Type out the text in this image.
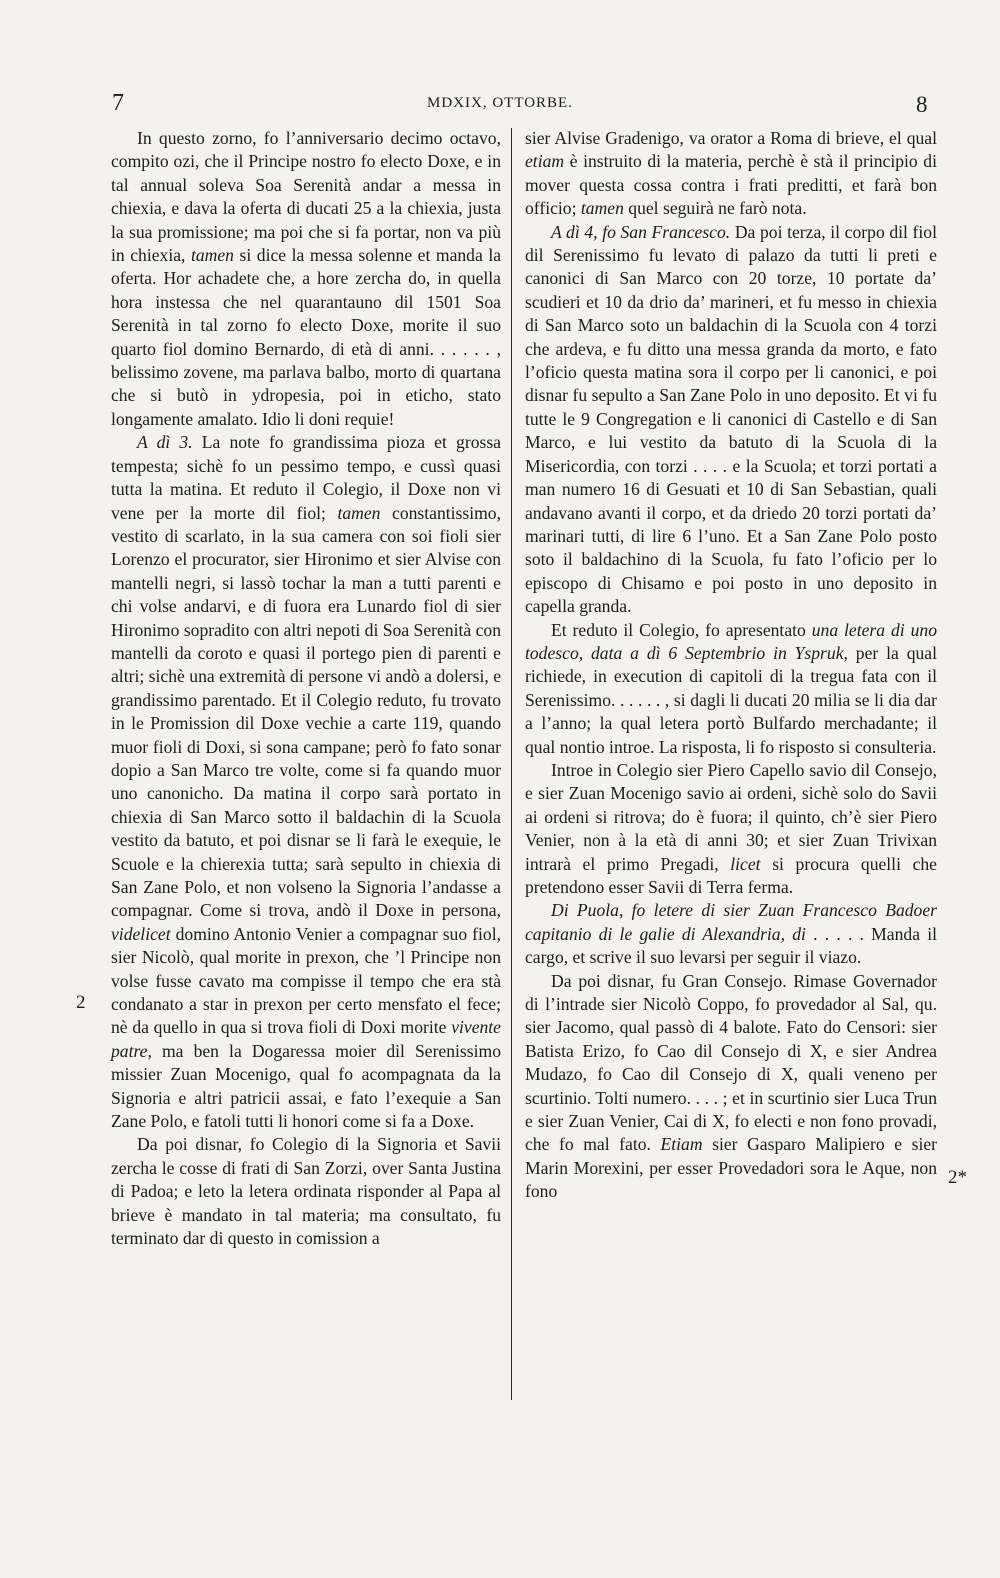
7	MDXIX, OTTORBE.	8
2
2*

In questo zorno, fo l’anniversario decimo octavo, compito ozi, che il Principe nostro fo electo Doxe, e in tal annual soleva Soa Serenità andar a messa in chiexia, e dava la oferta di ducati 25 a la chiexia, justa la sua promissione; ma poi che si fa portar, non va più in chiexia, tamen si dice la messa solenne et manda la oferta. Hor achadete che, a hore zercha do, in quella hora instessa che nel quarantauno dil 1501 Soa Serenità in tal zorno fo electo Doxe, morite il suo quarto fiol domino Bernardo, di età di anni. . . . . . , belissimo zovene, ma parlava balbo, morto di quartana che si butò in ydropesia, poi in eticho, stato longamente amalato. Idio li doni requie!

A dì 3. La note fo grandissima pioza et grossa tempesta; sichè fo un pessimo tempo, e cussì quasi tutta la matina. Et reduto il Colegio, il Doxe non vi vene per la morte dil fiol; tamen constantissimo, vestito di scarlato, in la sua camera con soi fioli sier Lorenzo el procurator, sier Hironimo et sier Alvise con mantelli negri, si lassò tochar la man a tutti parenti e chi volse andarvi, e di fuora era Lunardo fiol di sier Hironimo sopradito con altri nepoti di Soa Serenità con mantelli da coroto e quasi il portego pien di parenti e altri; sichè una extremità di persone vi andò a dolersi, e grandissimo parentado. Et il Colegio reduto, fu trovato in le Promission dil Doxe vechie a carte 119, quando muor fioli di Doxi, si sona campane; però fo fato sonar dopio a San Marco tre volte, come si fa quando muor uno canonicho. Da matina il corpo sarà portato in chiexia di San Marco sotto il baldachin di la Scuola vestito da batuto, et poi disnar se li farà le exequie, le Scuole e la chierexia tutta; sarà sepulto in chiexia di San Zane Polo, et non volseno la Signoria l’andasse a compagnar. Come si trova, andò il Doxe in persona, videlicet domino Antonio Venier a compagnar suo fiol, sier Nicolò, qual morite in prexon, che ’l Principe non volse fusse cavato ma compisse il tempo che era stà condanato a star in prexon per certo mensfato el fece; nè da quello in qua si trova fioli di Doxi morite vivente patre, ma ben la Dogaressa moier dil Serenissimo missier Zuan Mocenigo, qual fo acompagnata da la Signoria e altri patricii assai, e fato l’exequie a San Zane Polo, e fatoli tutti li honori come si fa a Doxe.

Da poi disnar, fo Colegio di la Signoria et Savii zercha le cosse di frati di San Zorzi, over Santa Justina di Padoa; e leto la letera ordinata risponder al Papa al brieve è mandato in tal materia; ma consultato, fu terminato dar di questo in comission a

sier Alvise Gradenigo, va orator a Roma di brieve, el qual etiam è instruito di la materia, perchè è stà il principio di mover questa cossa contra i frati preditti, et farà bon officio; tamen quel seguirà ne farò nota.

A dì 4, fo San Francesco. Da poi terza, il corpo dil fiol dil Serenissimo fu levato di palazo da tutti li preti e canonici di San Marco con 20 torze, 10 portate da’ scudieri et 10 da drio da’ marineri, et fu messo in chiexia di San Marco soto un baldachin di la Scuola con 4 torzi che ardeva, e fu ditto una messa granda da morto, e fato l’oficio questa matina sora il corpo per li canonici, e poi disnar fu sepulto a San Zane Polo in uno deposito. Et vi fu tutte le 9 Congregation e li canonici di Castello e di San Marco, e lui vestito da batuto di la Scuola di la Misericordia, con torzi . . . . e la Scuola; et torzi portati a man numero 16 di Gesuati et 10 di San Sebastian, quali andavano avanti il corpo, et da driedo 20 torzi portati da’ marinari tutti, di lire 6 l’uno. Et a San Zane Polo posto soto il baldachino di la Scuola, fu fato l’oficio per lo episcopo di Chisamo e poi posto in uno deposito in capella granda.

Et reduto il Colegio, fo apresentato una letera di uno todesco, data a dì 6 Septembrio in Yspruk, per la qual richiede, in execution di capitoli di la tregua fata con il Serenissimo. . . . . . , si dagli li ducati 20 milia se li dia dar a l’anno; la qual letera portò Bulfardo merchadante; il qual nontio introe. La risposta, li fo risposto si consulteria.

Introe in Colegio sier Piero Capello savio dil Consejo, e sier Zuan Mocenigo savio ai ordeni, sichè solo do Savii ai ordeni si ritrova; do è fuora; il quinto, ch’è sier Piero Venier, non à la età di anni 30; et sier Zuan Trivixan intrarà el primo Pregadi, licet si procura quelli che pretendono esser Savii di Terra ferma.

Di Puola, fo letere di sier Zuan Francesco Badoer capitanio di le galie di Alexandria, di . . . . . Manda il cargo, et scrive il suo levarsi per seguir il viazo.

Da poi disnar, fu Gran Consejo. Rimase Governador di l’intrade sier Nicolò Coppo, fo provedador al Sal, qu. sier Jacomo, qual passò di 4 balote. Fato do Censori: sier Batista Erizo, fo Cao dil Consejo di X, e sier Andrea Mudazo, fo Cao dil Consejo di X, quali veneno per scurtinio. Tolti numero. . . . ; et in scurtinio sier Luca Trun e sier Zuan Venier, Cai di X, fo electi e non fono provadi, che fo mal fato. Etiam sier Gasparo Malipiero e sier Marin Morexini, per esser Provedadori sora le Aque, non fono
